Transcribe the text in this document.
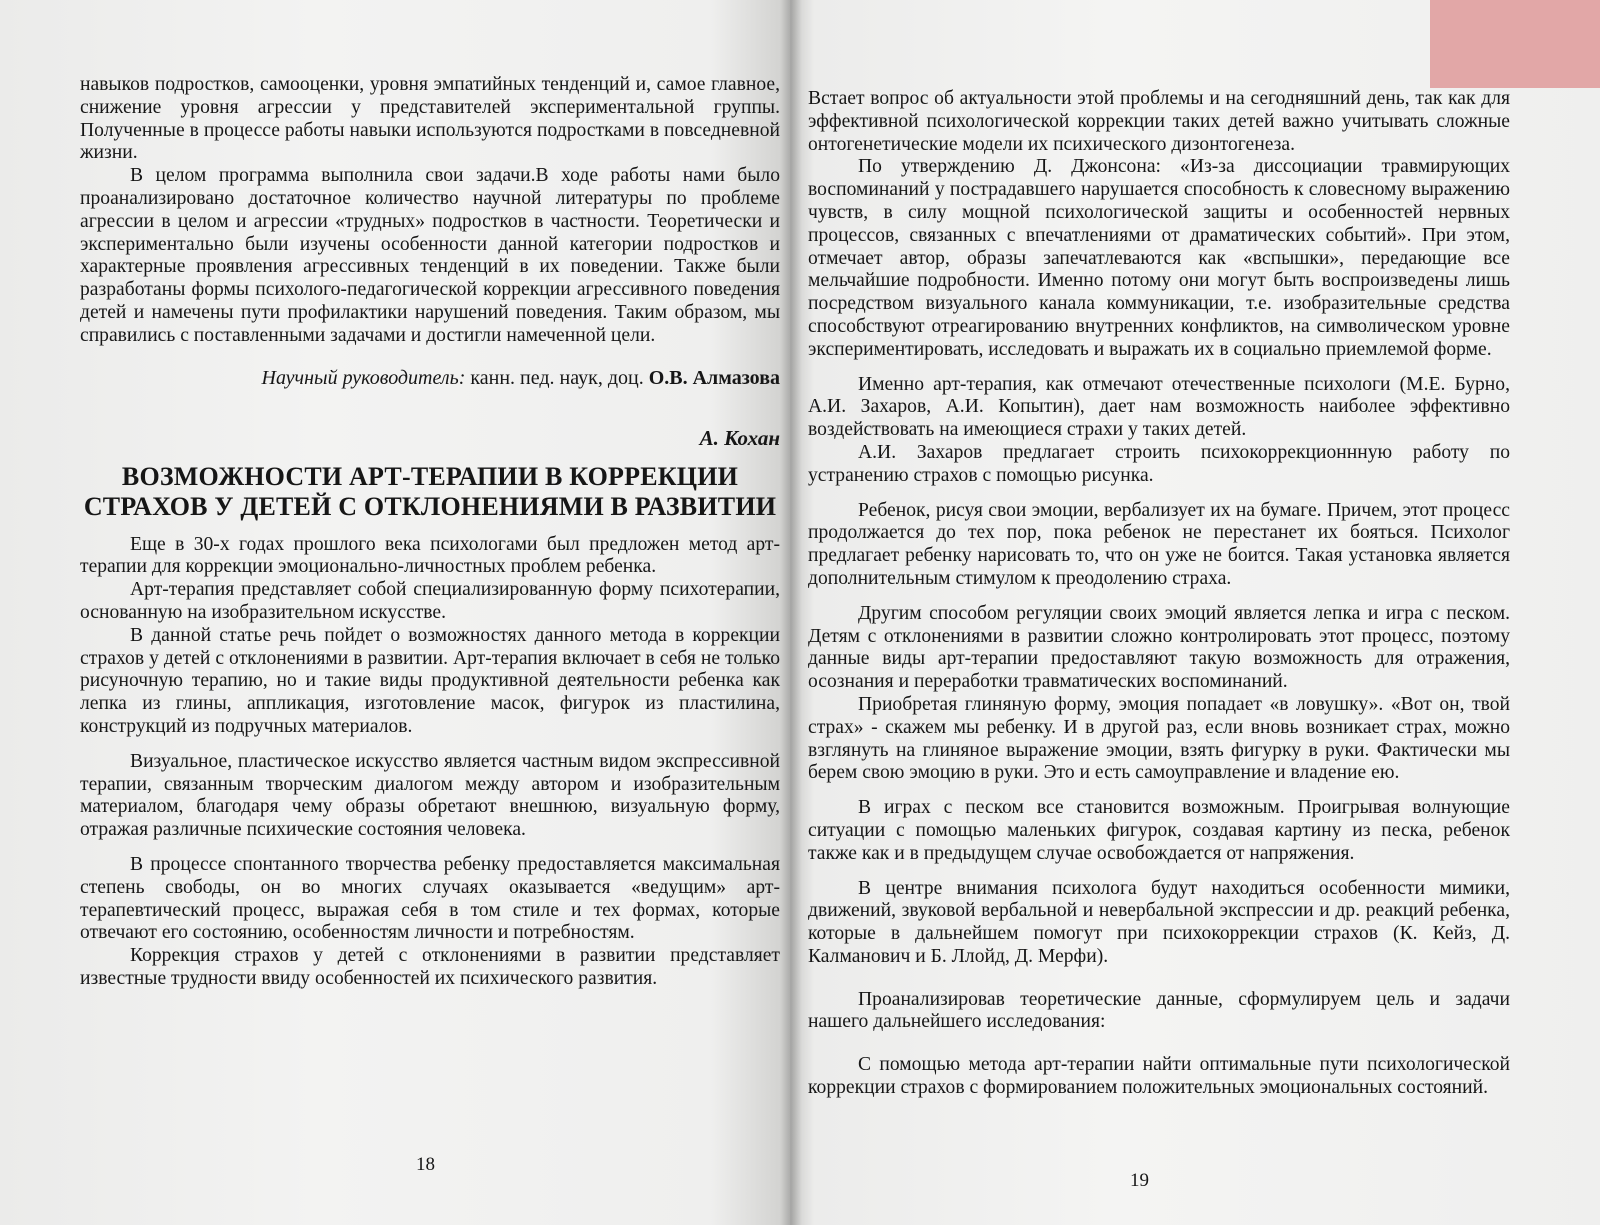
навыков подростков, самооценки, уровня эмпатийных тенденций и, самое главное, снижение уровня агрессии у представителей экспериментальной группы. Полученные в процессе работы навыки используются подростками в повседневной жизни.

В целом программа выполнила свои задачи.В ходе работы нами было проанализировано достаточное количество научной литературы по проблеме агрессии в целом и агрессии «трудных» подростков в частности. Теоретически и экспериментально были изучены особенности данной категории подростков и характерные проявления агрессивных тенденций в их поведении. Также были разработаны формы психолого-педагогической коррекции агрессивного поведения детей и намечены пути профилактики нарушений поведения. Таким образом, мы справились с поставленными задачами и достигли намеченной цели.

Научный руководитель: канн. пед. наук, доц. О.В. Алмазова
А. Кохан
ВОЗМОЖНОСТИ АРТ-ТЕРАПИИ В КОРРЕКЦИИ
СТРАХОВ У ДЕТЕЙ С ОТКЛОНЕНИЯМИ В РАЗВИТИИ

Еще в 30-х годах прошлого века психологами был предложен метод арт-терапии для коррекции эмоционально-личностных проблем ребенка.

Арт-терапия представляет собой специализированную форму психотерапии, основанную на изобразительном искусстве.

В данной статье речь пойдет о возможностях данного метода в коррекции страхов у детей с отклонениями в развитии. Арт-терапия включает в себя не только рисуночную терапию, но и такие виды продуктивной деятельности ребенка как лепка из глины, аппликация, изготовление масок, фигурок из пластилина, конструкций из подручных материалов.

Визуальное, пластическое искусство является частным видом экспрессивной терапии, связанным творческим диалогом между автором и изобразительным материалом, благодаря чему образы обретают внешнюю, визуальную форму, отражая различные психические состояния человека.

В процессе спонтанного творчества ребенку предоставляется максимальная степень свободы, он во многих случаях оказывается «ведущим» арт-терапевтический процесс, выражая себя в том стиле и тех формах, которые отвечают его состоянию, особенностям личности и потребностям.

Коррекция страхов у детей с отклонениями в развитии представляет известные трудности ввиду особенностей их психического развития.

18

Встает вопрос об актуальности этой проблемы и на сегодняшний день, так как для эффективной психологической коррекции таких детей важно учитывать сложные онтогенетические модели их психического дизонтогенеза.

По утверждению Д. Джонсона: «Из-за диссоциации травмирующих воспоминаний у пострадавшего нарушается способность к словесному выражению чувств, в силу мощной психологической защиты и особенностей нервных процессов, связанных с впечатлениями от драматических событий». При этом, отмечает автор, образы запечатлеваются как «вспышки», передающие все мельчайшие подробности. Именно потому они могут быть воспроизведены лишь посредством визуального канала коммуникации, т.е. изобразительные средства способствуют отреагированию внутренних конфликтов, на символическом уровне экспериментировать, исследовать и выражать их в социально приемлемой форме.

Именно арт-терапия, как отмечают отечественные психологи (М.Е. Бурно, А.И. Захаров, А.И. Копытин), дает нам возможность наиболее эффективно воздействовать на имеющиеся страхи у таких детей.

А.И. Захаров предлагает строить психокоррекционнную работу по устранению страхов с помощью рисунка.

Ребенок, рисуя свои эмоции, вербализует их на бумаге. Причем, этот процесс продолжается до тех пор, пока ребенок не перестанет их бояться. Психолог предлагает ребенку нарисовать то, что он уже не боится. Такая установка является дополнительным стимулом к преодолению страха.

Другим способом регуляции своих эмоций является лепка и игра с песком. Детям с отклонениями в развитии сложно контролировать этот процесс, поэтому данные виды арт-терапии предоставляют такую возможность для отражения, осознания и переработки травматических воспоминаний.

Приобретая глиняную форму, эмоция попадает «в ловушку». «Вот он, твой страх» - скажем мы ребенку. И в другой раз, если вновь возникает страх, можно взглянуть на глиняное выражение эмоции, взять фигурку в руки. Фактически мы берем свою эмоцию в руки. Это и есть самоуправление и владение ею.

В играх с песком все становится возможным. Проигрывая волнующие ситуации с помощью маленьких фигурок, создавая картину из песка, ребенок также как и в предыдущем случае освобождается от напряжения.

В центре внимания психолога будут находиться особенности мимики, движений, звуковой вербальной и невербальной экспрессии и др. реакций ребенка, которые в дальнейшем помогут при психокоррекции страхов (К. Кейз, Д. Калманович и Б. Ллойд, Д. Мерфи).

Проанализировав теоретические данные, сформулируем цель и задачи нашего дальнейшего исследования:

С помощью метода арт-терапии найти оптимальные пути психологической коррекции страхов с формированием положительных эмоциональных состояний.

19
